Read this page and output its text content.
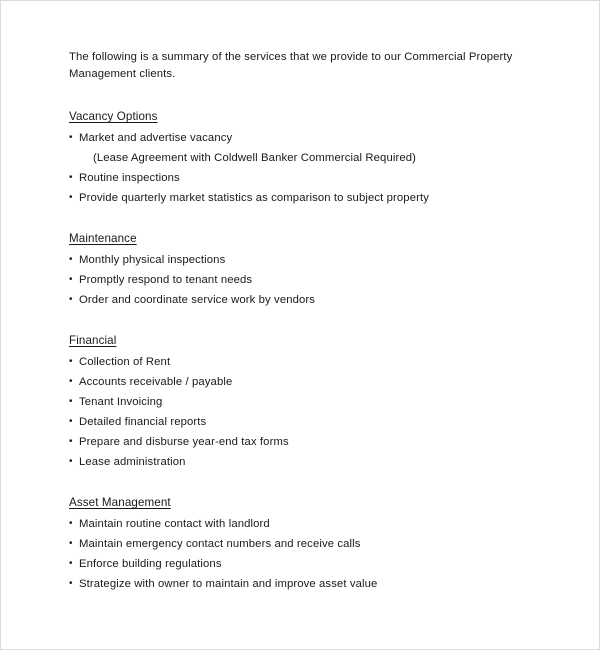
The following is a summary of the services that we provide to our Commercial Property Management clients.

Vacancy Options
• Market and advertise vacancy
(Lease Agreement with Coldwell Banker Commercial Required)
• Routine inspections
• Provide quarterly market statistics as comparison to subject property
Maintenance
• Monthly physical inspections
• Promptly respond to tenant needs
• Order and coordinate service work by vendors
Financial
• Collection of Rent
• Accounts receivable / payable
• Tenant Invoicing
• Detailed financial reports
• Prepare and disburse year-end tax forms
• Lease administration
Asset Management
• Maintain routine contact with landlord
• Maintain emergency contact numbers and receive calls
• Enforce building regulations
• Strategize with owner to maintain and improve asset value
